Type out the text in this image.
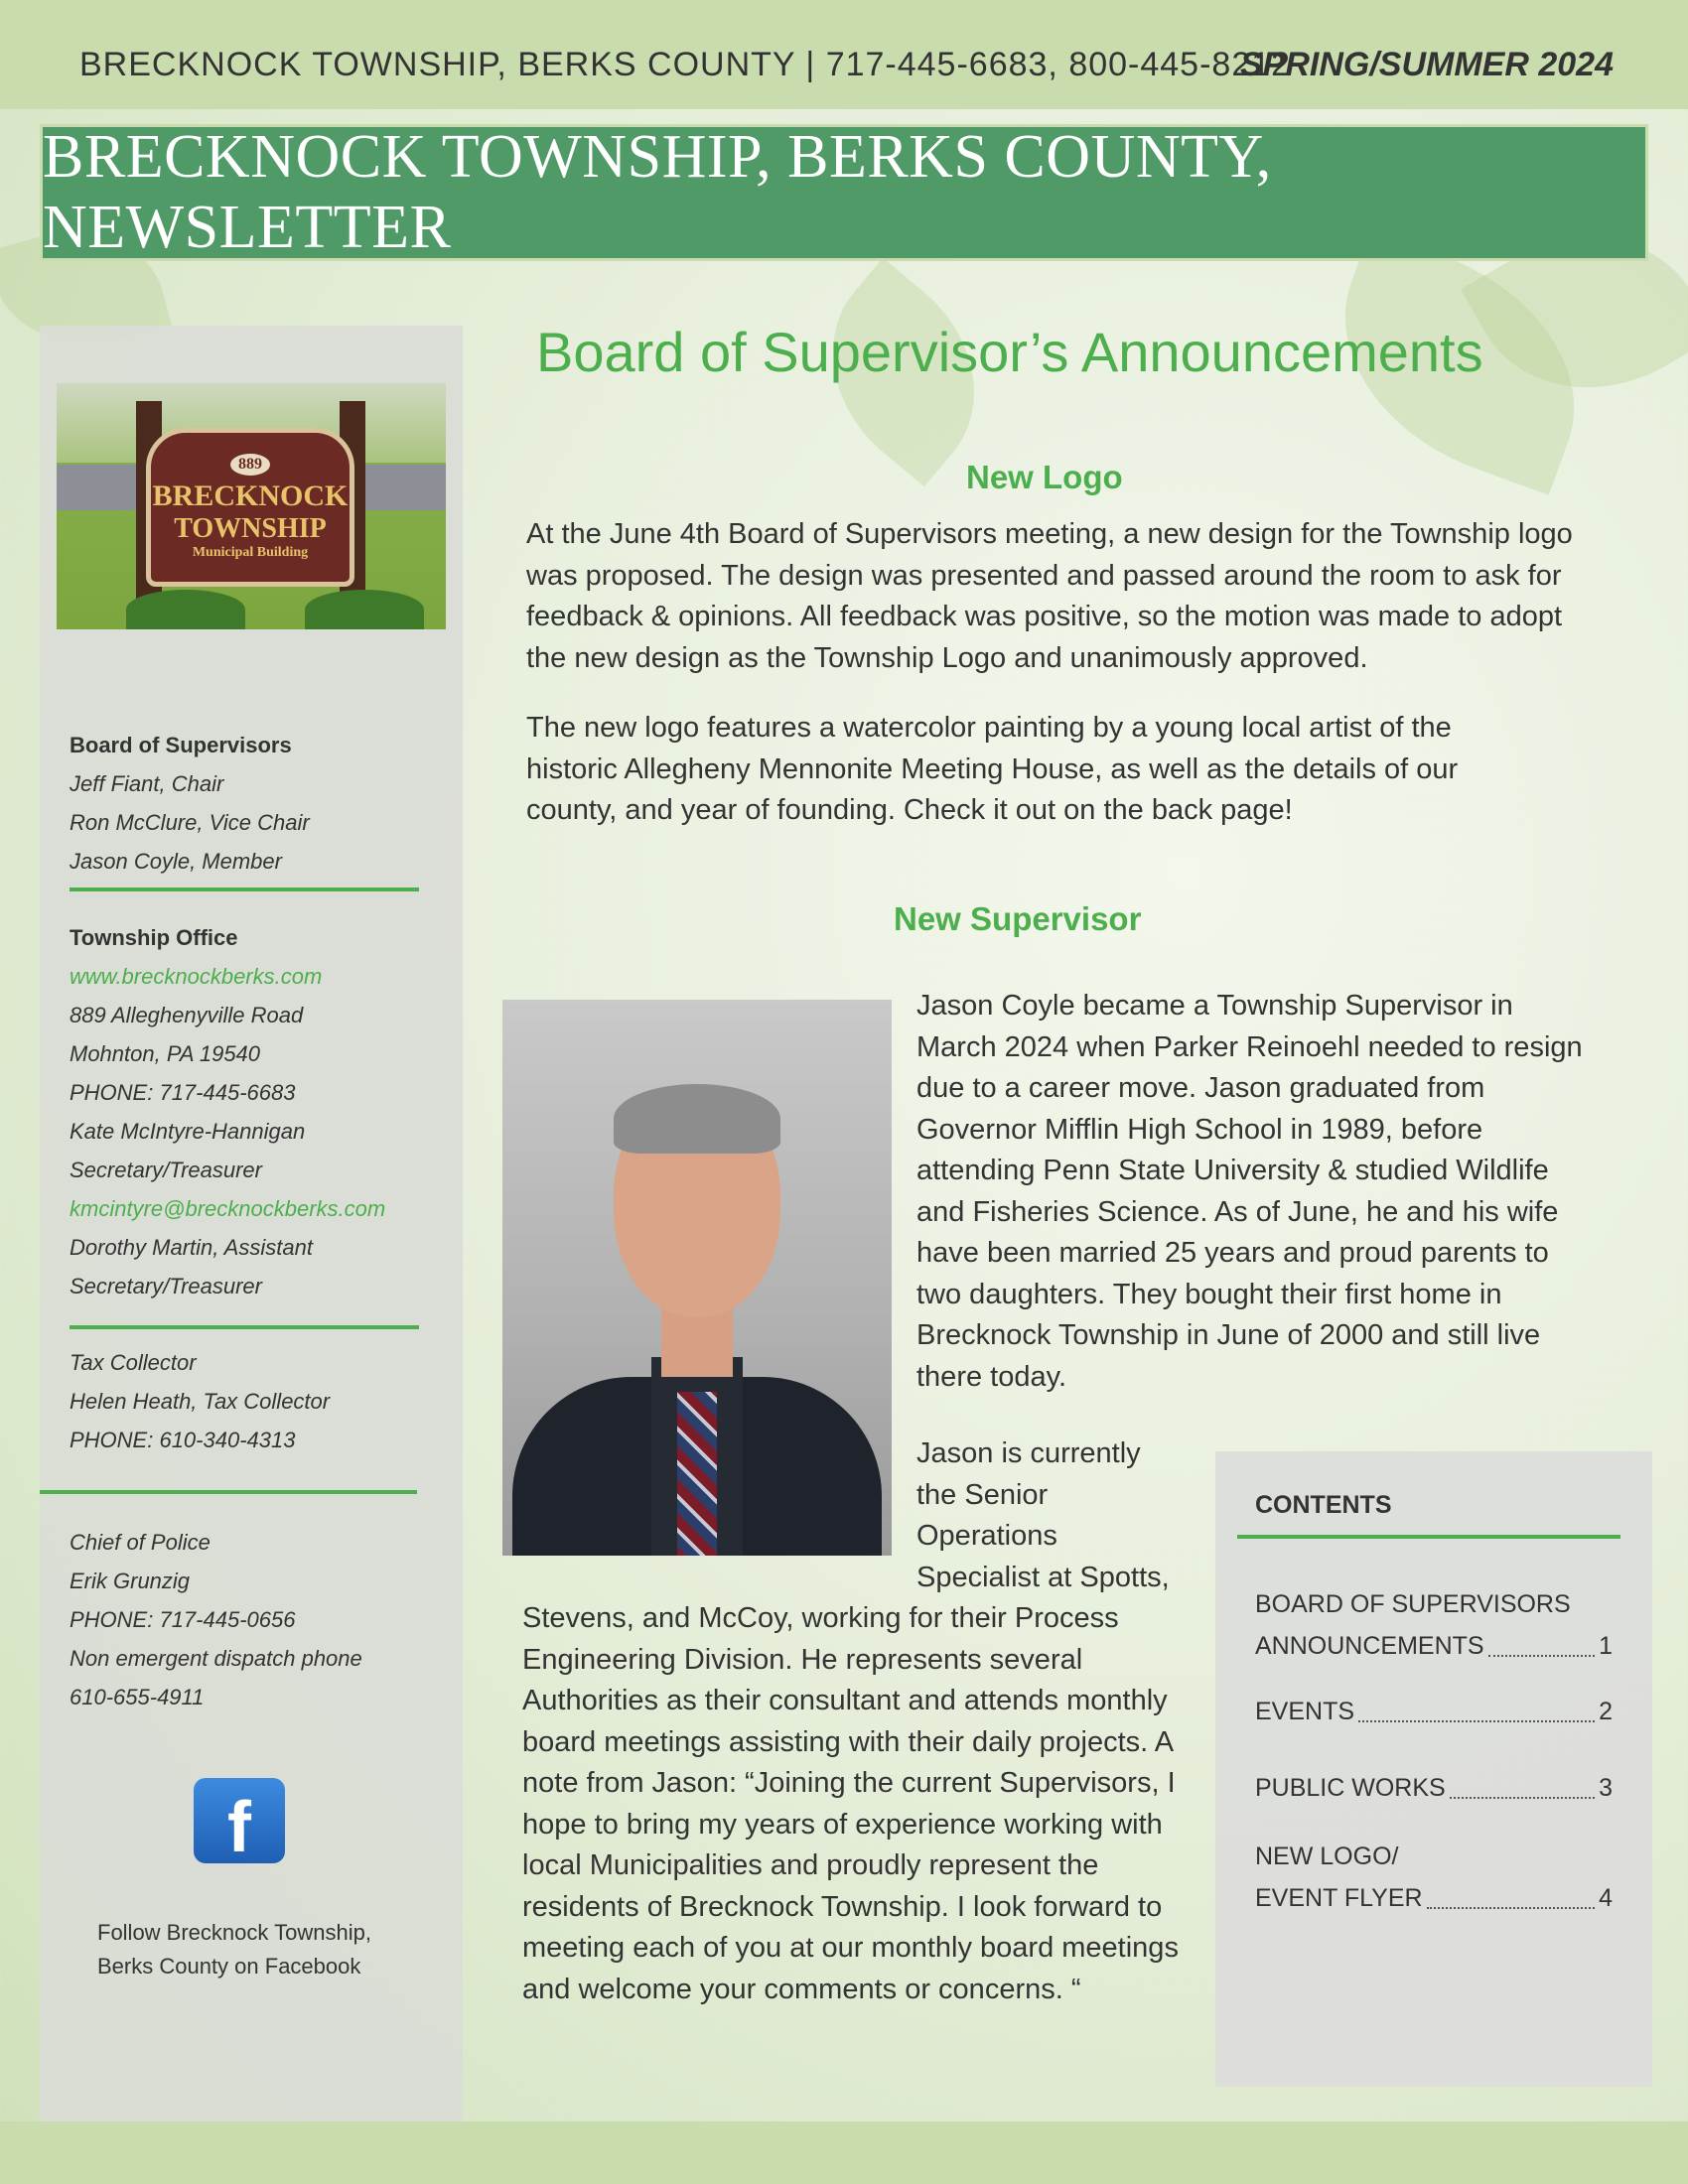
BRECKNOCK TOWNSHIP, BERKS COUNTY | 717-445-6683, 800-445-8212
SPRING/SUMMER 2024
BRECKNOCK TOWNSHIP, BERKS COUNTY, NEWSLETTER
889
BRECKNOCK
TOWNSHIP
Municipal Building
Board of Supervisors
Jeff Fiant, Chair
Ron McClure, Vice Chair
Jason Coyle, Member
Township Office
www.brecknockberks.com
889 Alleghenyville Road
Mohnton, PA 19540
PHONE: 717-445-6683
Kate McIntyre-Hannigan
Secretary/Treasurer
kmcintyre@brecknockberks.com
Dorothy Martin, Assistant
Secretary/Treasurer
Tax Collector
Helen Heath, Tax Collector
PHONE: 610-340-4313
Chief of Police
Erik Grunzig
PHONE: 717-445-0656
Non emergent dispatch phone
610-655-4911
f
Follow Brecknock Township, Berks County on Facebook
Board of Supervisor’s Announcements
New Logo
At the June 4th Board of Supervisors meeting, a new design for the Township logo was proposed. The design was presented and passed around the room to ask for feedback & opinions. All feedback was positive, so the motion was made to adopt the new design as the Township Logo and unanimously approved.
The new logo features a watercolor painting by a young local artist of the historic Allegheny Mennonite Meeting House, as well as the details of our county, and year of founding. Check it out on the back page!
New Supervisor
Jason Coyle became a Township Supervisor in March 2024 when Parker Reinoehl needed to resign due to a career move. Jason graduated from Governor Mifflin High School in 1989, before attending Penn State University & studied Wildlife and Fisheries Science. As of June, he and his wife have been married 25 years and proud parents to two daughters. They bought their first home in Brecknock Township in June of 2000 and still live there today.
Jason is currently
the Senior
Operations
Specialist at Spotts,
Stevens, and McCoy, working for their Process Engineering Division. He represents several Authorities as their consultant and attends monthly board meetings assisting with their daily projects. A note from Jason: “Joining the current Supervisors, I hope to bring my years of experience working with local Municipalities and proudly represent the residents of Brecknock Township. I look forward to meeting each of you at our monthly board meetings and welcome your comments or concerns. “
CONTENTS
BOARD OF SUPERVISORS
ANNOUNCEMENTS	1
EVENTS	2
PUBLIC WORKS	3
NEW LOGO/
EVENT FLYER	4
